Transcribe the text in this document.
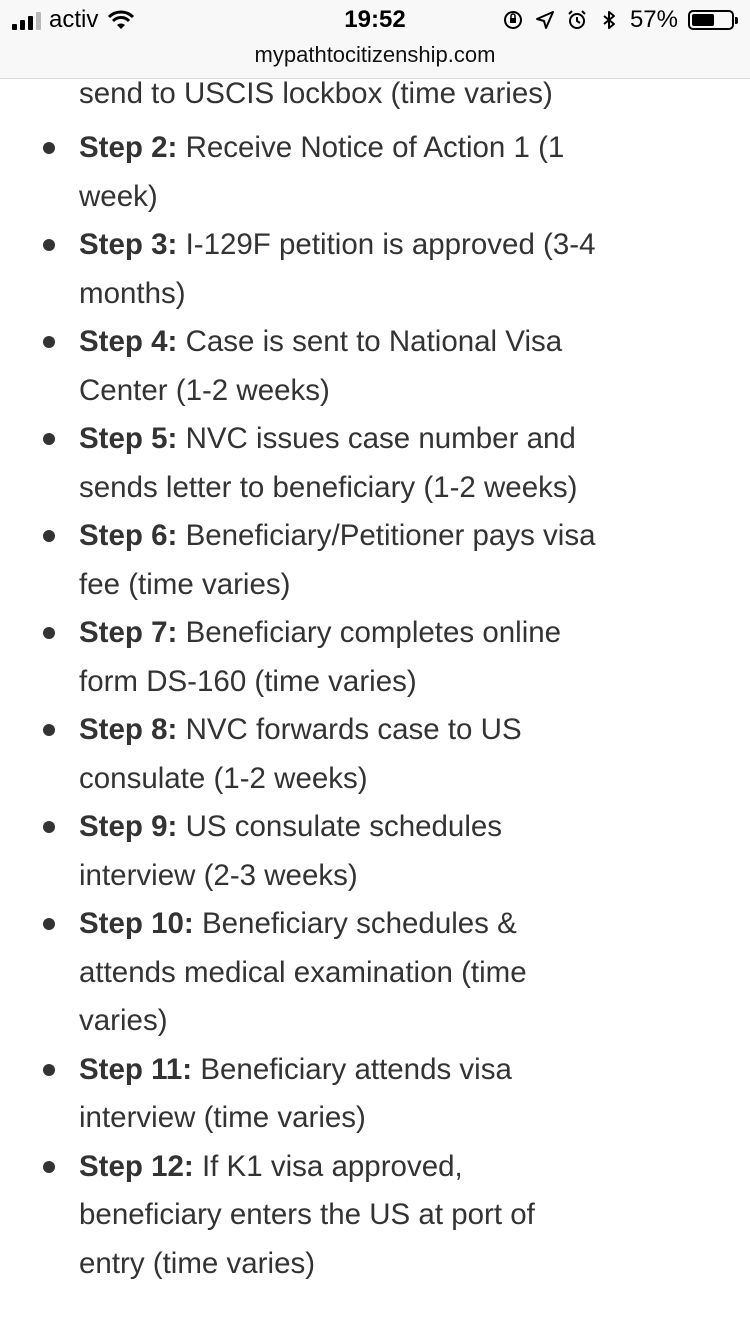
activ	19:52	57%
mypathtocitizenship.com
send to USCIS lockbox (time varies)
Step 2: Receive Notice of Action 1 (1 week)
Step 3: I-129F petition is approved (3-4 months)
Step 4: Case is sent to National Visa Center (1-2 weeks)
Step 5: NVC issues case number and sends letter to beneficiary (1-2 weeks)
Step 6: Beneficiary/Petitioner pays visa fee (time varies)
Step 7: Beneficiary completes online form DS-160 (time varies)
Step 8: NVC forwards case to US consulate (1-2 weeks)
Step 9: US consulate schedules interview (2-3 weeks)
Step 10: Beneficiary schedules & attends medical examination (time varies)
Step 11: Beneficiary attends visa interview (time varies)
Step 12: If K1 visa approved, beneficiary enters the US at port of entry (time varies)
